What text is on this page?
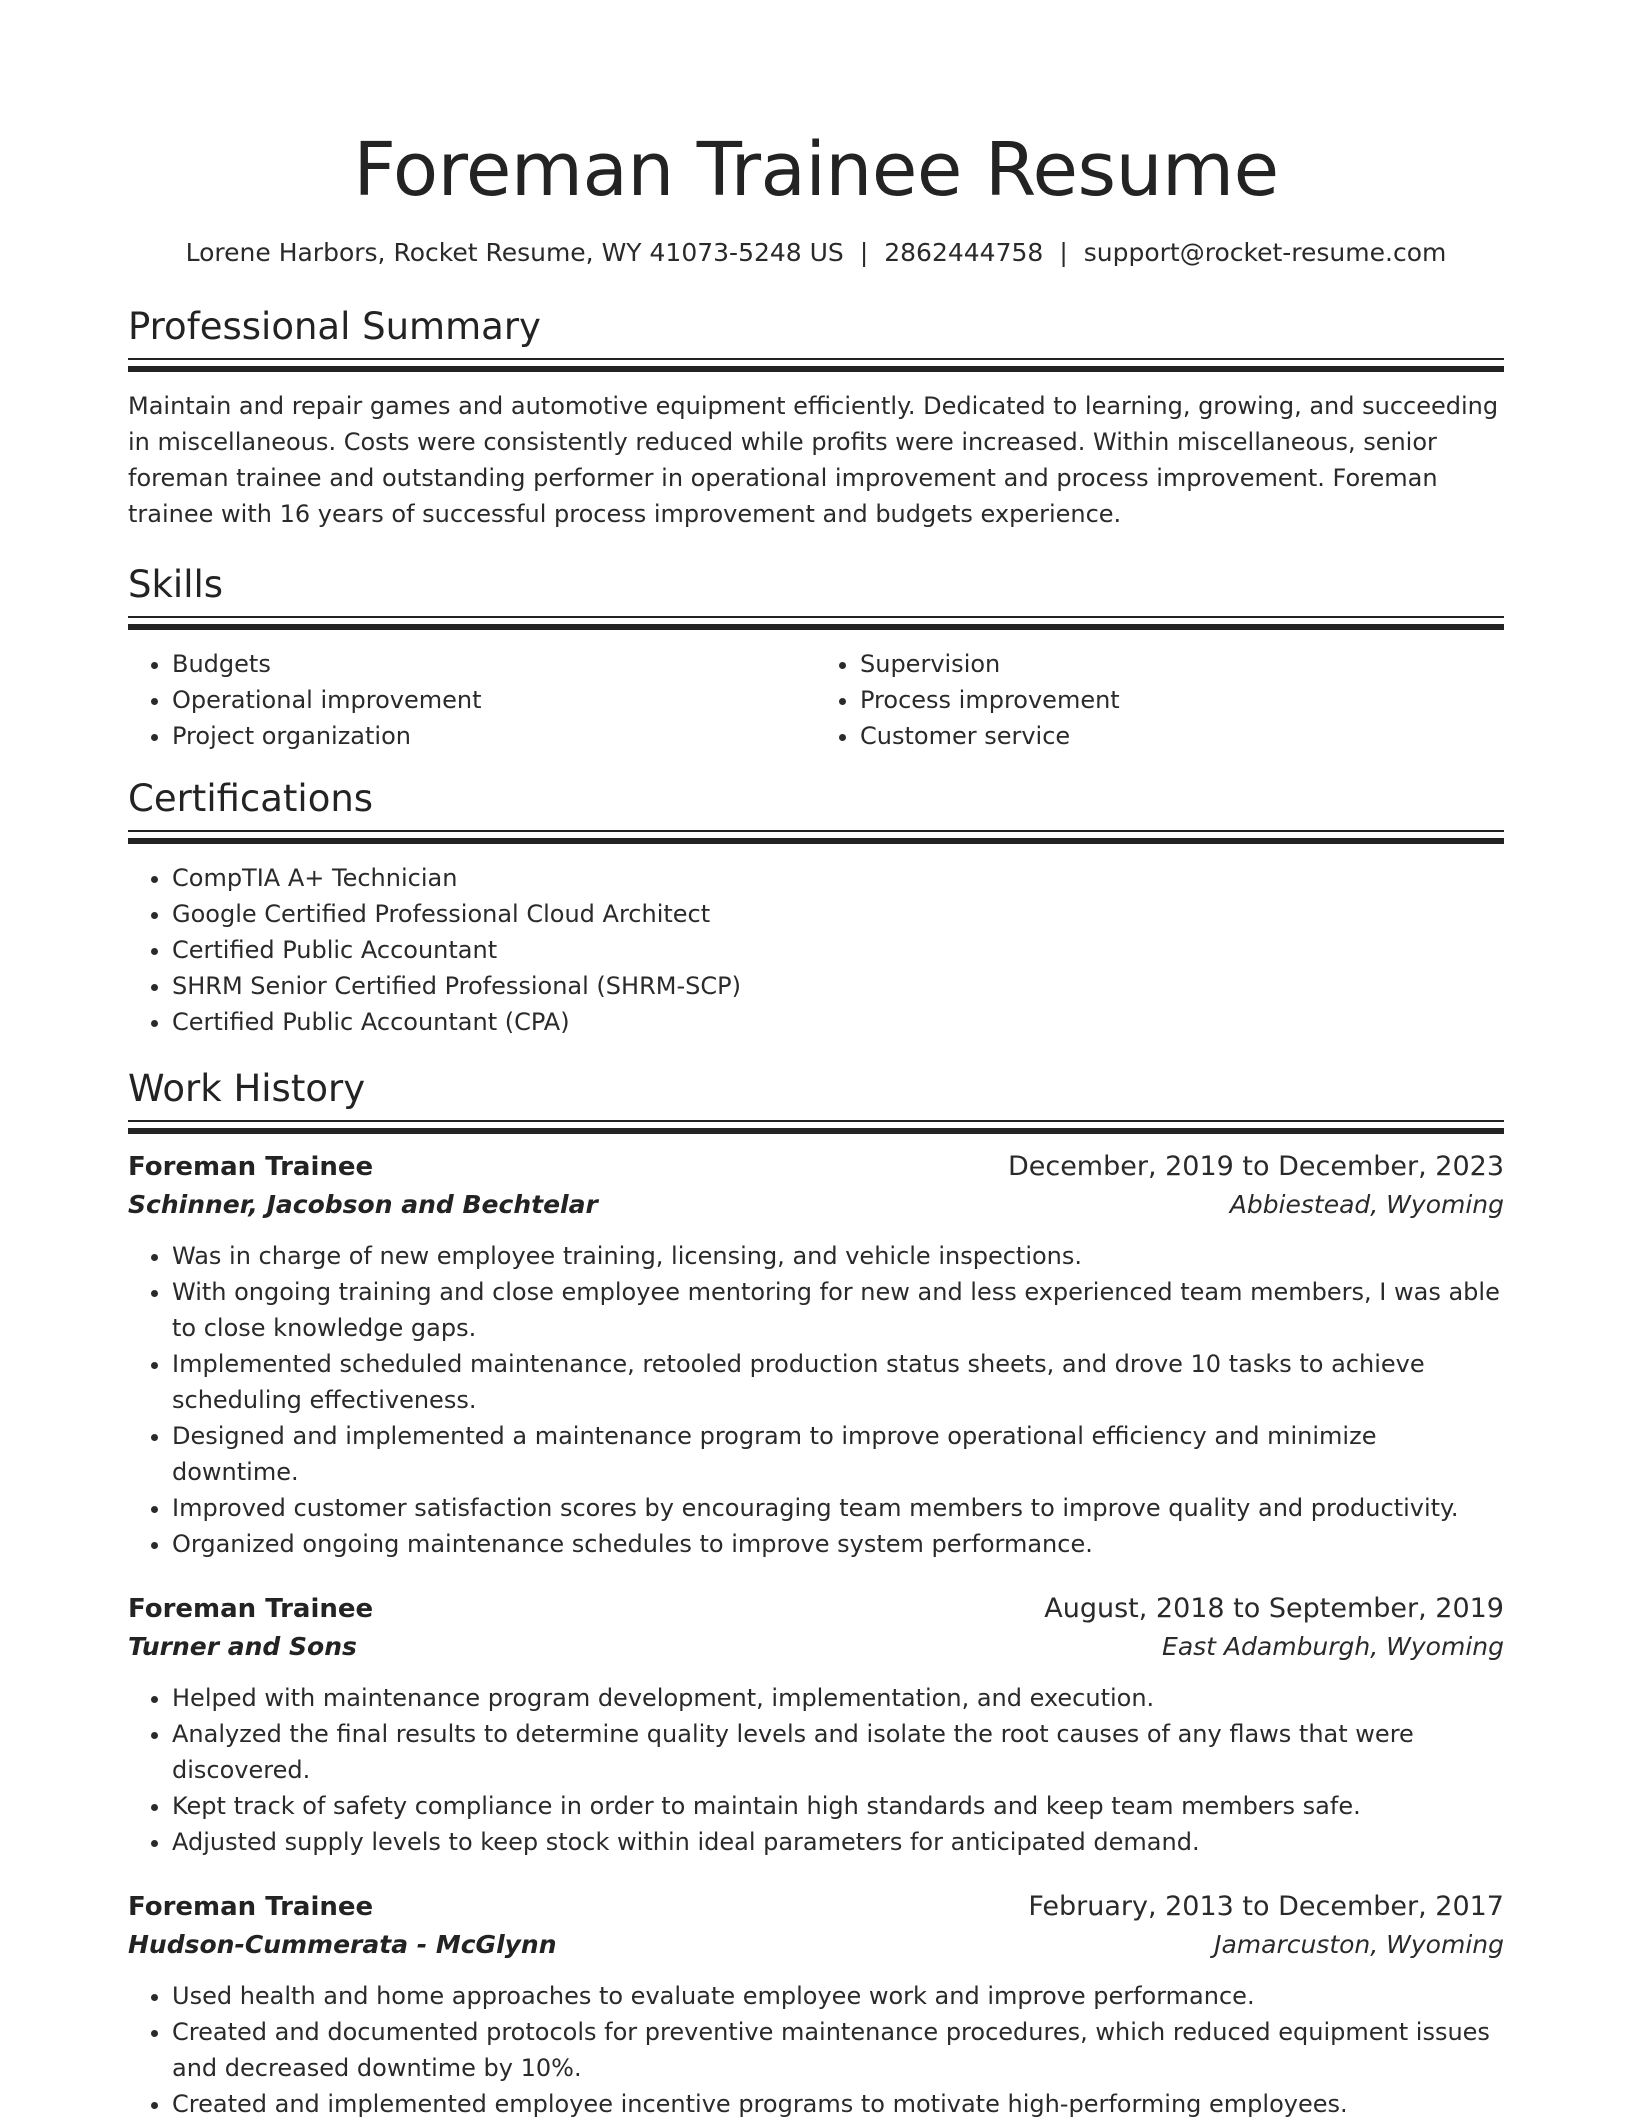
Foreman Trainee Resume
Lorene Harbors, Rocket Resume, WY 41073-5248 US | 2862444758 | support@rocket-resume.com
Professional Summary

Maintain and repair games and automotive equipment efficiently. Dedicated to learning, growing, and succeeding in miscellaneous. Costs were consistently reduced while profits were increased. Within miscellaneous, senior foreman trainee and outstanding performer in operational improvement and process improvement. Foreman trainee with 16 years of successful process improvement and budgets experience.

Skills
• Budgets
• Operational improvement
• Project organization
• Supervision
• Process improvement
• Customer service
Certifications
• CompTIA A+ Technician
• Google Certified Professional Cloud Architect
• Certified Public Accountant
• SHRM Senior Certified Professional (SHRM-SCP)
• Certified Public Accountant (CPA)
Work History
Foreman Trainee	December, 2019 to December, 2023
Schinner, Jacobson and Bechtelar	Abbiestead, Wyoming
• Was in charge of new employee training, licensing, and vehicle inspections.
• With ongoing training and close employee mentoring for new and less experienced team members, I was able to close knowledge gaps.
• Implemented scheduled maintenance, retooled production status sheets, and drove 10 tasks to achieve scheduling effectiveness.
• Designed and implemented a maintenance program to improve operational efficiency and minimize downtime.
• Improved customer satisfaction scores by encouraging team members to improve quality and productivity.
• Organized ongoing maintenance schedules to improve system performance.
Foreman Trainee	August, 2018 to September, 2019
Turner and Sons	East Adamburgh, Wyoming
• Helped with maintenance program development, implementation, and execution.
• Analyzed the final results to determine quality levels and isolate the root causes of any flaws that were discovered.
• Kept track of safety compliance in order to maintain high standards and keep team members safe.
• Adjusted supply levels to keep stock within ideal parameters for anticipated demand.
Foreman Trainee	February, 2013 to December, 2017
Hudson-Cummerata - McGlynn	Jamarcuston, Wyoming
• Used health and home approaches to evaluate employee work and improve performance.
• Created and documented protocols for preventive maintenance procedures, which reduced equipment issues and decreased downtime by 10%.
• Created and implemented employee incentive programs to motivate high-performing employees.
